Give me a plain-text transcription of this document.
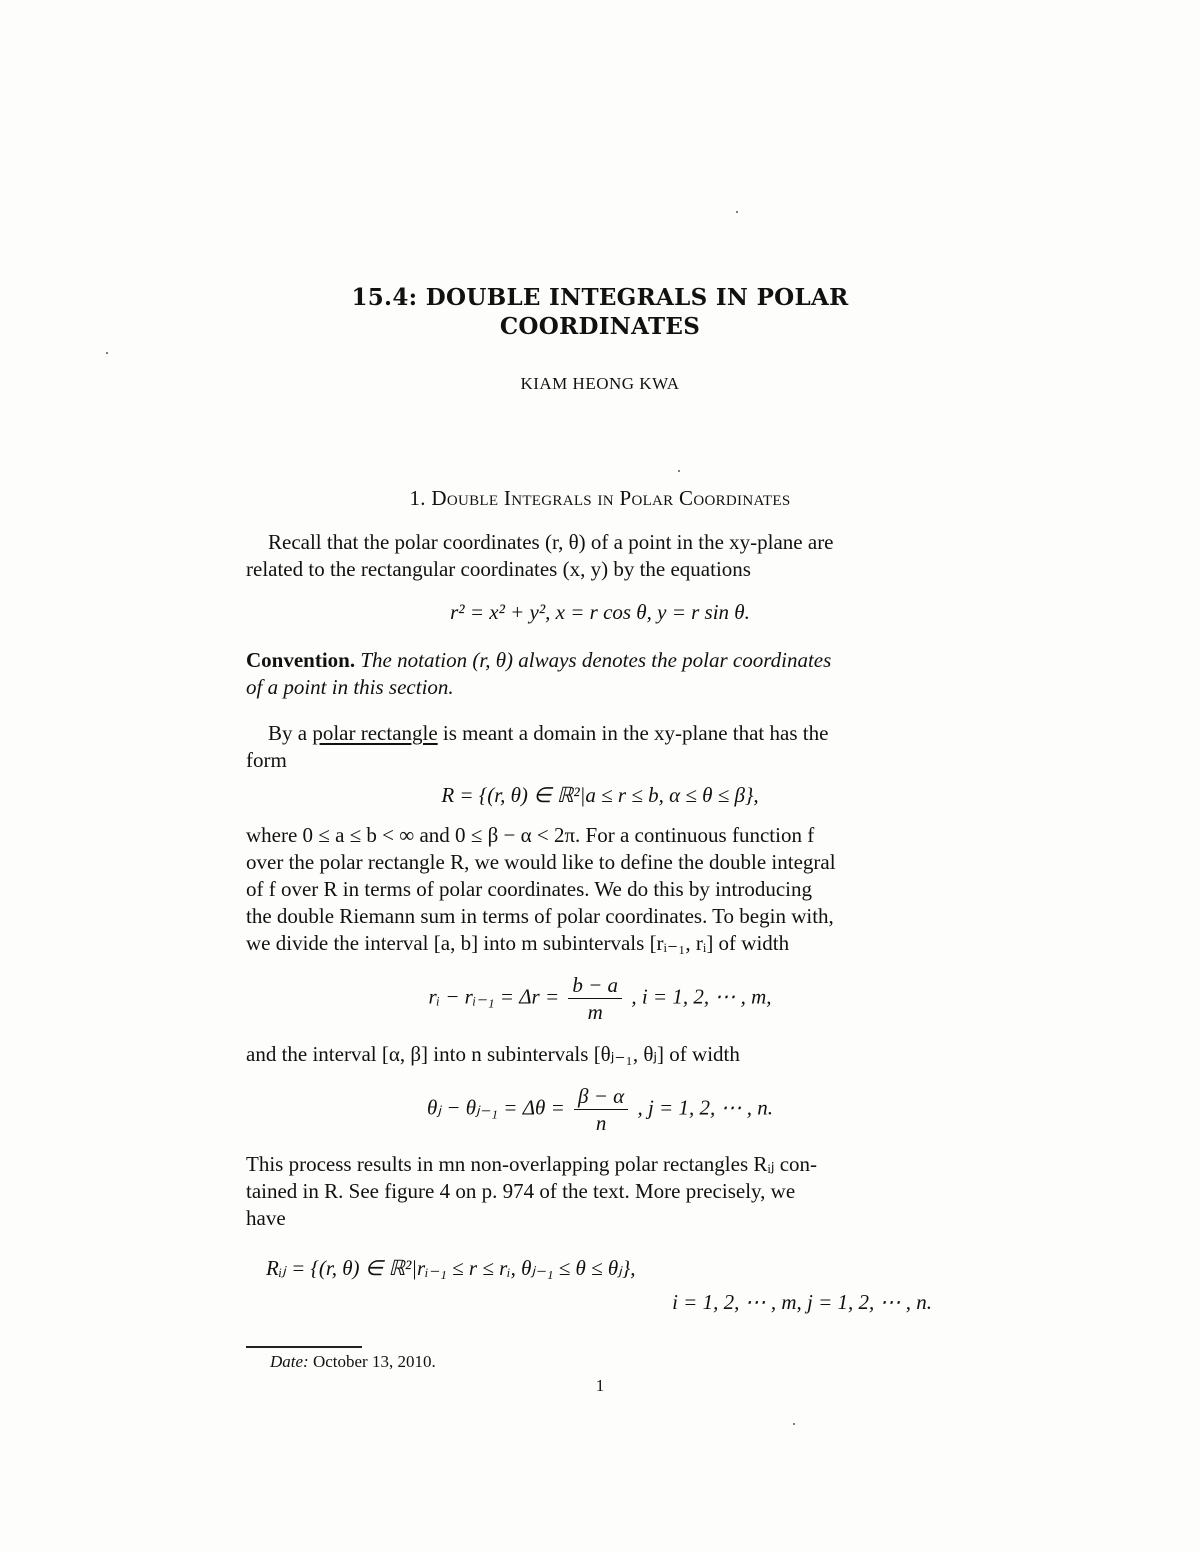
15.4: DOUBLE INTEGRALS IN POLAR
COORDINATES
KIAM HEONG KWA
1. Double Integrals in Polar Coordinates
Recall that the polar coordinates (r, θ) of a point in the xy-plane are
related to the rectangular coordinates (x, y) by the equations
r² = x² + y², x = r cos θ, y = r sin θ.
Convention. The notation (r, θ) always denotes the polar coordinates
of a point in this section.
By a polar rectangle is meant a domain in the xy-plane that has the
form
R = {(r, θ) ∈ ℝ²|a ≤ r ≤ b, α ≤ θ ≤ β},
where 0 ≤ a ≤ b < ∞ and 0 ≤ β − α < 2π. For a continuous function f
over the polar rectangle R, we would like to define the double integral
of f over R in terms of polar coordinates. We do this by introducing
the double Riemann sum in terms of polar coordinates. To begin with,
we divide the interval [a, b] into m subintervals [rᵢ₋₁, rᵢ] of width
rᵢ − rᵢ₋₁ = $\Delta r = \frac{b - a}{m}$ , i = 1, 2, ⋯ , m,
and the interval [α, β] into n subintervals [θⱼ₋₁, θⱼ] of width
θⱼ − θⱼ₋₁ = $\Delta\theta = \frac{\beta - \alpha}{n}$ , j = 1, 2, ⋯ , n.
This process results in mn non-overlapping polar rectangles Rᵢⱼ con-
tained in R. See figure 4 on p. 974 of the text. More precisely, we
have
Rᵢⱼ = {(r, θ) ∈ ℝ²|rᵢ₋₁ ≤ r ≤ rᵢ, θⱼ₋₁ ≤ θ ≤ θⱼ},
i = 1, 2, ⋯ , m, j = 1, 2, ⋯ , n.
Date: October 13, 2010.
1
